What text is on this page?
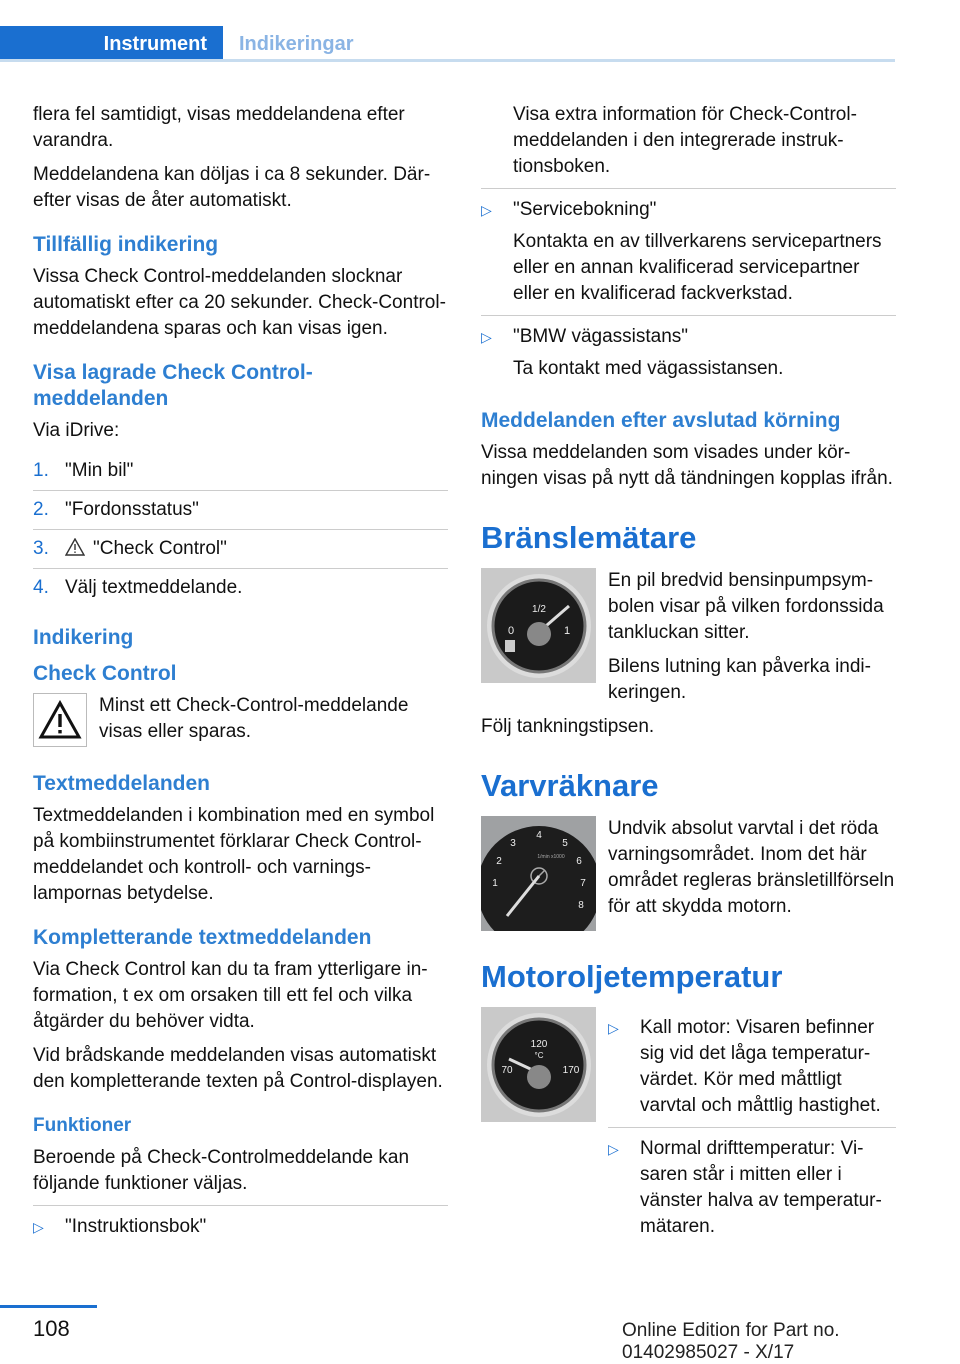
Instrument	Indikeringar

flera fel samtidigt, visas meddelandena efter varandra.

Meddelandena kan döljas i ca 8 sekunder. Därefter visas de åter automatiskt.

Tillfällig indikering

Vissa Check Control-meddelanden slocknar automatiskt efter ca 20 sekunder. Check-Control-meddelandena sparas och kan visas igen.

Visa lagrade Check Control-meddelanden

Via iDrive:

1. "Min bil"
2. "Fordonsstatus"
3. "Check Control"
4. Välj textmeddelande.
Indikering
Check Control

Minst ett Check-Control-meddelande visas eller sparas.

Textmeddelanden

Textmeddelanden i kombination med en symbol på kombiinstrumentet förklarar Check Control-meddelandet och kontroll- och varningslampornas betydelse.

Kompletterande textmeddelanden

Via Check Control kan du ta fram ytterligare information, t ex om orsaken till ett fel och vilka åtgärder du behöver vidta.

Vid brådskande meddelanden visas automatiskt den kompletterande texten på Control-displayen.

Funktioner

Beroende på Check-Controlmeddelande kan följande funktioner väljas.

▷ "Instruktionsbok"

Visa extra information för Check-Control-meddelanden i den integrerade instruktionsboken.

▷ "Servicebokning"
Kontakta en av tillverkarens servicepartners eller en annan kvalificerad servicepartner eller en kvalificerad fackverkstad.
▷ "BMW vägassistans"
Ta kontakt med vägassistansen.
Meddelanden efter avslutad körning

Vissa meddelanden som visades under körningen visas på nytt då tändningen kopplas ifrån.

Bränslemätare
1/2
0	1

En pil bredvid bensinpumpsymbolen visar på vilken fordonssida tankluckan sitter.

Bilens lutning kan påverka indikeringen.

Följ tankningstipsen.

Varvräknare
1
2
3
4
5
6
7
8
1/min x1000

Undvik absolut varvtal i det röda varningsområdet. Inom det här området regleras bränsletillförseln för att skydda motorn.

Motoroljetemperatur
120
°C
70	170
▷ Kall motor: Visaren befinner sig vid det låga temperaturvärdet. Kör med måttligt varvtal och måttlig hastighet.
▷ Normal drifttemperatur: Visaren står i mitten eller i vänster halva av temperaturmätaren.
108	Online Edition for Part no. 01402985027 - X/17
